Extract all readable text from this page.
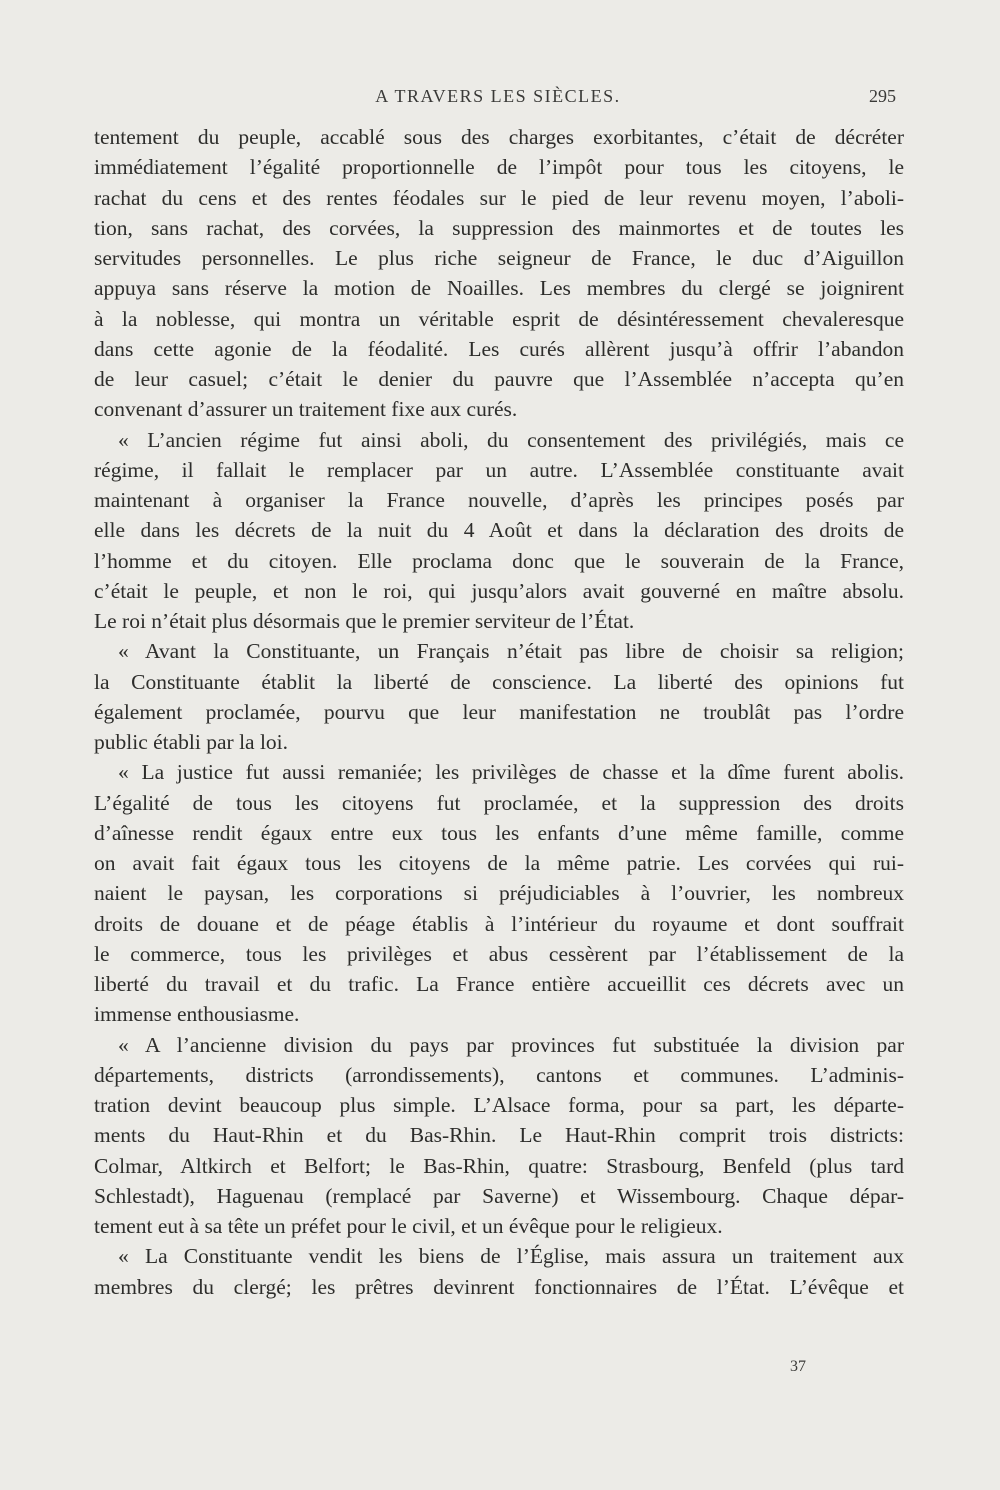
A TRAVERS LES SIÈCLES.	295
tentement du peuple, accablé sous des charges exorbitantes, c’était de décréter
immédiatement l’égalité proportionnelle de l’impôt pour tous les citoyens, le
rachat du cens et des rentes féodales sur le pied de leur revenu moyen, l’aboli-
tion, sans rachat, des corvées, la suppression des mainmortes et de toutes les
servitudes personnelles. Le plus riche seigneur de France, le duc d’Aiguillon
appuya sans réserve la motion de Noailles. Les membres du clergé se joignirent
à la noblesse, qui montra un véritable esprit de désintéressement chevaleresque
dans cette agonie de la féodalité. Les curés allèrent jusqu’à offrir l’abandon
de leur casuel; c’était le denier du pauvre que l’Assemblée n’accepta qu’en
convenant d’assurer un traitement fixe aux curés.
« L’ancien régime fut ainsi aboli, du consentement des privilégiés, mais ce
régime, il fallait le remplacer par un autre. L’Assemblée constituante avait
maintenant à organiser la France nouvelle, d’après les principes posés par
elle dans les décrets de la nuit du 4 Août et dans la déclaration des droits de
l’homme et du citoyen. Elle proclama donc que le souverain de la France,
c’était le peuple, et non le roi, qui jusqu’alors avait gouverné en maître absolu.
Le roi n’était plus désormais que le premier serviteur de l’État.
« Avant la Constituante, un Français n’était pas libre de choisir sa religion;
la Constituante établit la liberté de conscience. La liberté des opinions fut
également proclamée, pourvu que leur manifestation ne troublât pas l’ordre
public établi par la loi.
« La justice fut aussi remaniée; les privilèges de chasse et la dîme furent abolis.
L’égalité de tous les citoyens fut proclamée, et la suppression des droits
d’aînesse rendit égaux entre eux tous les enfants d’une même famille, comme
on avait fait égaux tous les citoyens de la même patrie. Les corvées qui rui-
naient le paysan, les corporations si préjudiciables à l’ouvrier, les nombreux
droits de douane et de péage établis à l’intérieur du royaume et dont souffrait
le commerce, tous les privilèges et abus cessèrent par l’établissement de la
liberté du travail et du trafic. La France entière accueillit ces décrets avec un
immense enthousiasme.
« A l’ancienne division du pays par provinces fut substituée la division par
départements, districts (arrondissements), cantons et communes. L’adminis-
tration devint beaucoup plus simple. L’Alsace forma, pour sa part, les départe-
ments du Haut-Rhin et du Bas-Rhin. Le Haut-Rhin comprit trois districts:
Colmar, Altkirch et Belfort; le Bas-Rhin, quatre: Strasbourg, Benfeld (plus tard
Schlestadt), Haguenau (remplacé par Saverne) et Wissembourg. Chaque dépar-
tement eut à sa tête un préfet pour le civil, et un évêque pour le religieux.
« La Constituante vendit les biens de l’Église, mais assura un traitement aux
membres du clergé; les prêtres devinrent fonctionnaires de l’État. L’évêque et
37
